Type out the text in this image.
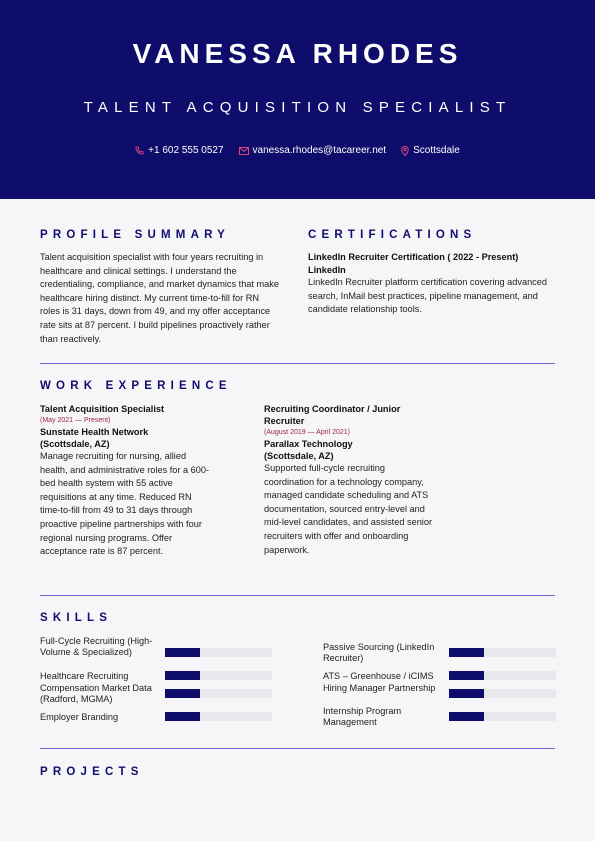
VANESSA RHODES
TALENT ACQUISITION SPECIALIST
+1 602 555 0527	vanessa.rhodes@tacareer.net	Scottsdale
PROFILE SUMMARY
Talent acquisition specialist with four years recruiting in healthcare and clinical settings. I understand the credentialing, compliance, and market dynamics that make healthcare hiring distinct. My current time-to-fill for RN roles is 31 days, down from 49, and my offer acceptance rate sits at 87 percent. I build pipelines proactively rather than reactively.
CERTIFICATIONS
LinkedIn Recruiter Certification ( 2022 - Present)
LinkedIn
LinkedIn Recruiter platform certification covering advanced search, InMail best practices, pipeline management, and candidate relationship tools.
WORK EXPERIENCE
Talent Acquisition Specialist
(May 2021 — Present)
Sunstate Health Network
(Scottsdale, AZ)
Manage recruiting for nursing, allied health, and administrative roles for a 600-bed health system with 55 active requisitions at any time. Reduced RN time-to-fill from 49 to 31 days through proactive pipeline partnerships with four regional nursing programs. Offer acceptance rate is 87 percent.
Recruiting Coordinator / Junior Recruiter
(August 2019 — April 2021)
Parallax Technology
(Scottsdale, AZ)
Supported full-cycle recruiting coordination for a technology company, managed candidate scheduling and ATS documentation, sourced entry-level and mid-level candidates, and assisted senior recruiters with offer and onboarding paperwork.
SKILLS
Full-Cycle Recruiting (High-Volume & Specialized)
Healthcare Recruiting
Compensation Market Data (Radford, MGMA)
Employer Branding
Passive Sourcing (LinkedIn Recruiter)
ATS – Greenhouse / iCIMS
Hiring Manager Partnership
Internship Program Management
PROJECTS
